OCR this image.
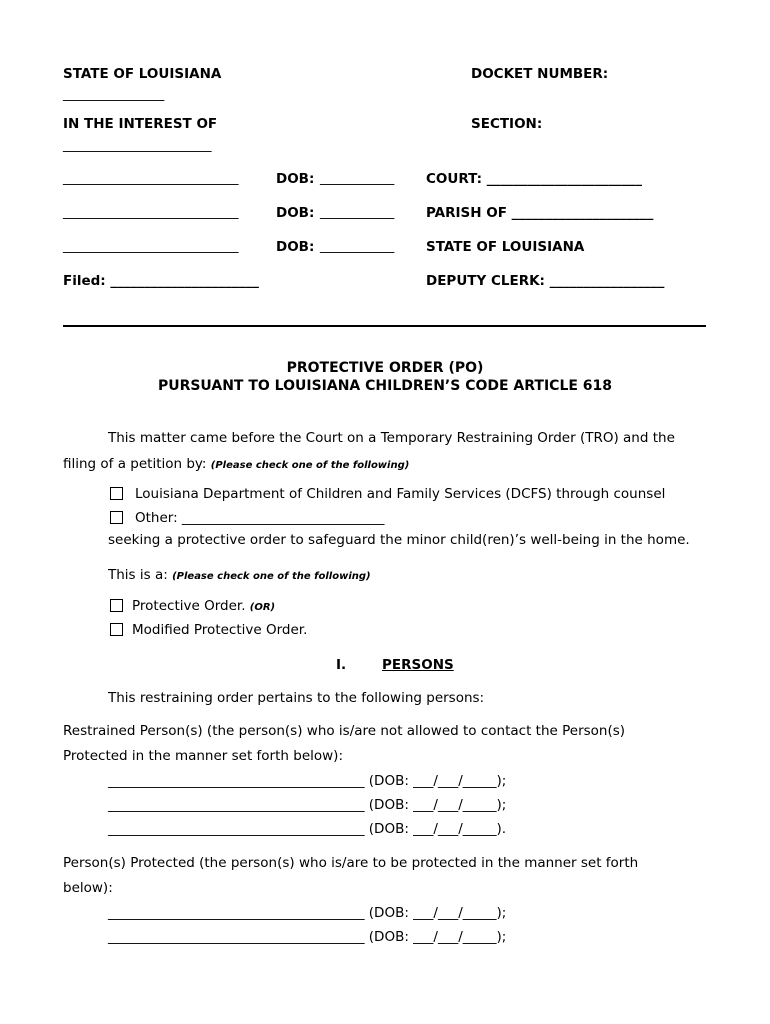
STATE OF LOUISIANA
_______________
DOCKET NUMBER:
IN THE INTEREST OF
______________________
SECTION:
__________________________	DOB: ___________ COURT: _______________________
__________________________	DOB: ___________ PARISH OF _____________________
__________________________	DOB: ___________ STATE OF LOUISIANA
Filed: ______________________	DEPUTY CLERK: _________________
PROTECTIVE ORDER (PO)
PURSUANT TO LOUISIANA CHILDREN’S CODE ARTICLE 618
This matter came before the Court on a Temporary Restraining Order (TRO) and the
filing of a petition by: (Please check one of the following)
Louisiana Department of Children and Family Services (DCFS) through counsel
Other: ______________________________
seeking a protective order to safeguard the minor child(ren)’s well-being in the home.
This is a: (Please check one of the following)
Protective Order. (OR)
Modified Protective Order.
I.	PERSONS
This restraining order pertains to the following persons:
Restrained Person(s) (the person(s) who is/are not allowed to contact the Person(s)
Protected in the manner set forth below):
______________________________________ (DOB: ___/___/_____);
______________________________________ (DOB: ___/___/_____);
______________________________________ (DOB: ___/___/_____).
Person(s) Protected (the person(s) who is/are to be protected in the manner set forth
below):
______________________________________ (DOB: ___/___/_____);
______________________________________ (DOB: ___/___/_____);
